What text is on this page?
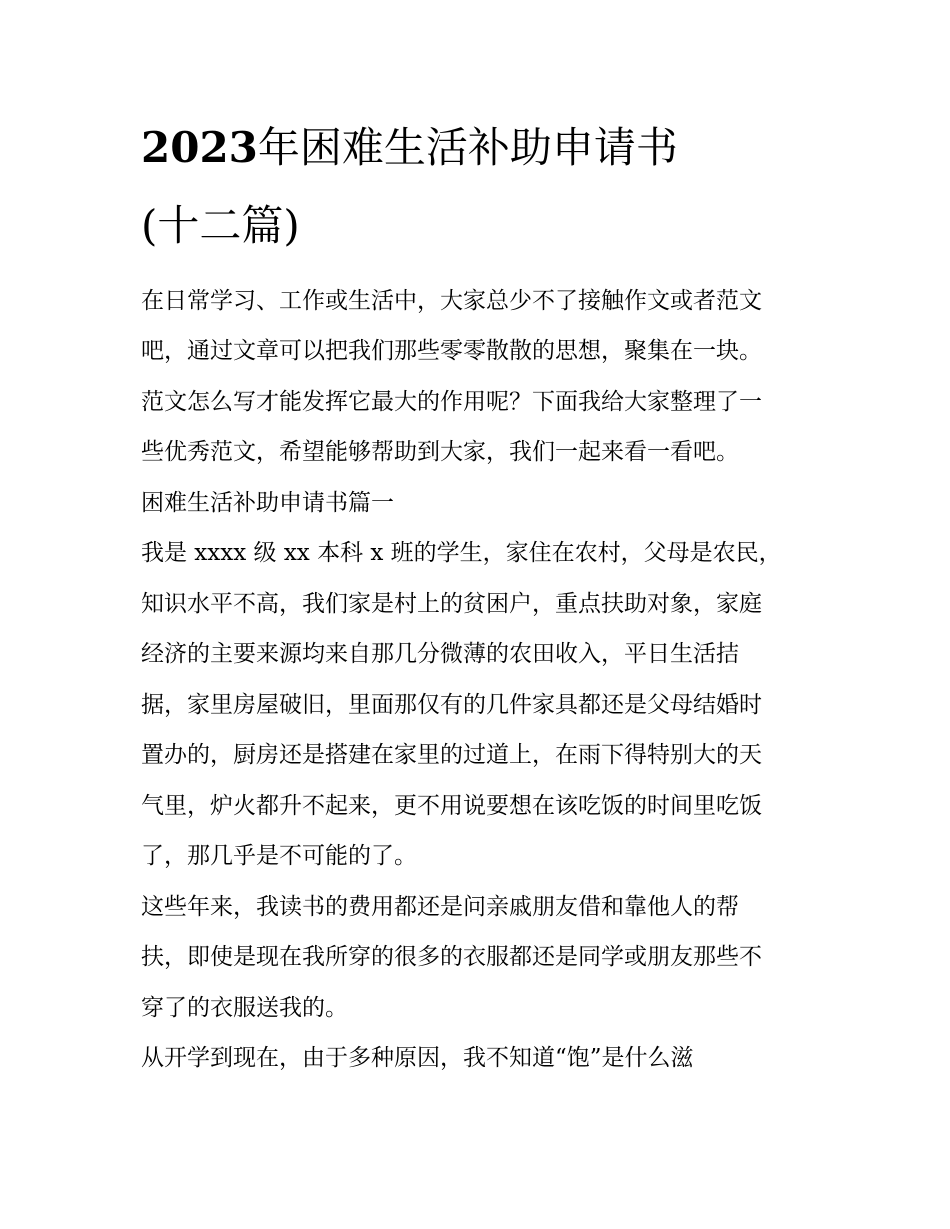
2023年困难生活补助申请书
(十二篇)

在日常学习、工作或生活中，大家总少不了接触作文或者范文

吧，通过文章可以把我们那些零零散散的思想，聚集在一块。

范文怎么写才能发挥它最大的作用呢？下面我给大家整理了一

些优秀范文，希望能够帮助到大家，我们一起来看一看吧。

困难生活补助申请书篇一

我是 xxxx 级 xx 本科 x 班的学生，家住在农村，父母是农民，

知识水平不高，我们家是村上的贫困户，重点扶助对象，家庭

经济的主要来源均来自那几分微薄的农田收入，平日生活拮

据，家里房屋破旧，里面那仅有的几件家具都还是父母结婚时

置办的，厨房还是搭建在家里的过道上，在雨下得特别大的天

气里，炉火都升不起来，更不用说要想在该吃饭的时间里吃饭

了，那几乎是不可能的了。

这些年来，我读书的费用都还是问亲戚朋友借和靠他人的帮

扶，即使是现在我所穿的很多的衣服都还是同学或朋友那些不

穿了的衣服送我的。

从开学到现在，由于多种原因，我不知道“饱”是什么滋
